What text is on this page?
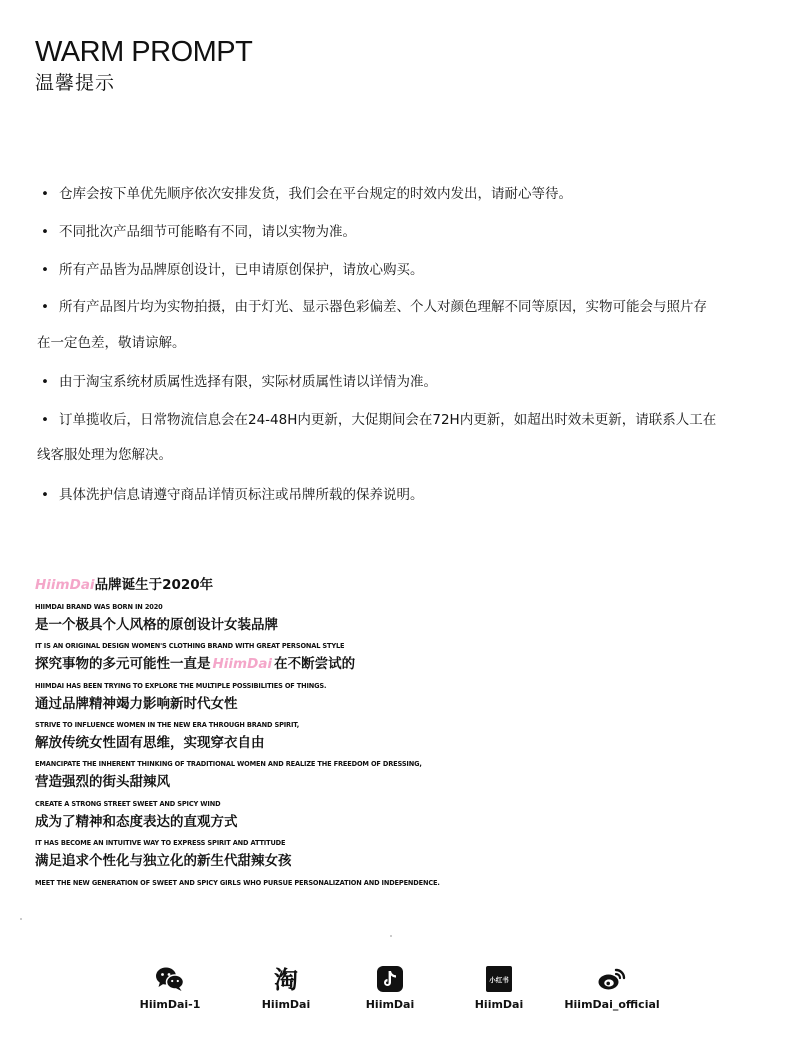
WARM PROMPT
温馨提示
• 仓库会按下单优先顺序依次安排发货，我们会在平台规定的时效内发出，请耐心等待。
• 不同批次产品细节可能略有不同，请以实物为准。
• 所有产品皆为品牌原创设计，已申请原创保护，请放心购买。
• 所有产品图片均为实物拍摄，由于灯光、显示器色彩偏差、个人对颜色理解不同等原因，实物可能会与照片存
在一定色差，敬请谅解。
• 由于淘宝系统材质属性选择有限，实际材质属性请以详情为准。
• 订单揽收后，日常物流信息会在24-48H内更新，大促期间会在72H内更新，如超出时效未更新，请联系人工在
线客服处理为您解决。
• 具体洗护信息请遵守商品详情页标注或吊牌所载的保养说明。
HiimDai品牌诞生于2020年
HIIMDAI BRAND WAS BORN IN 2020
是一个极具个人风格的原创设计女装品牌
IT IS AN ORIGINAL DESIGN WOMEN'S CLOTHING BRAND WITH GREAT PERSONAL STYLE
探究事物的多元可能性一直是 HiimDai 在不断尝试的
HIIMDAI HAS BEEN TRYING TO EXPLORE THE MULTIPLE POSSIBILITIES OF THINGS.
通过品牌精神竭力影响新时代女性
STRIVE TO INFLUENCE WOMEN IN THE NEW ERA THROUGH BRAND SPIRIT,
解放传统女性固有思维，实现穿衣自由
EMANCIPATE THE INHERENT THINKING OF TRADITIONAL WOMEN AND REALIZE THE FREEDOM OF DRESSING,
营造强烈的街头甜辣风
CREATE A STRONG STREET SWEET AND SPICY WIND
成为了精神和态度表达的直观方式
IT HAS BECOME AN INTUITIVE WAY TO EXPRESS SPIRIT AND ATTITUDE
满足追求个性化与独立化的新生代甜辣女孩
MEET THE NEW GENERATION OF SWEET AND SPICY GIRLS WHO PURSUE PERSONALIZATION AND INDEPENDENCE.
HiimDai-1
淘
HiimDai	HiimDai
小红书
HiimDai	HiimDai_official
